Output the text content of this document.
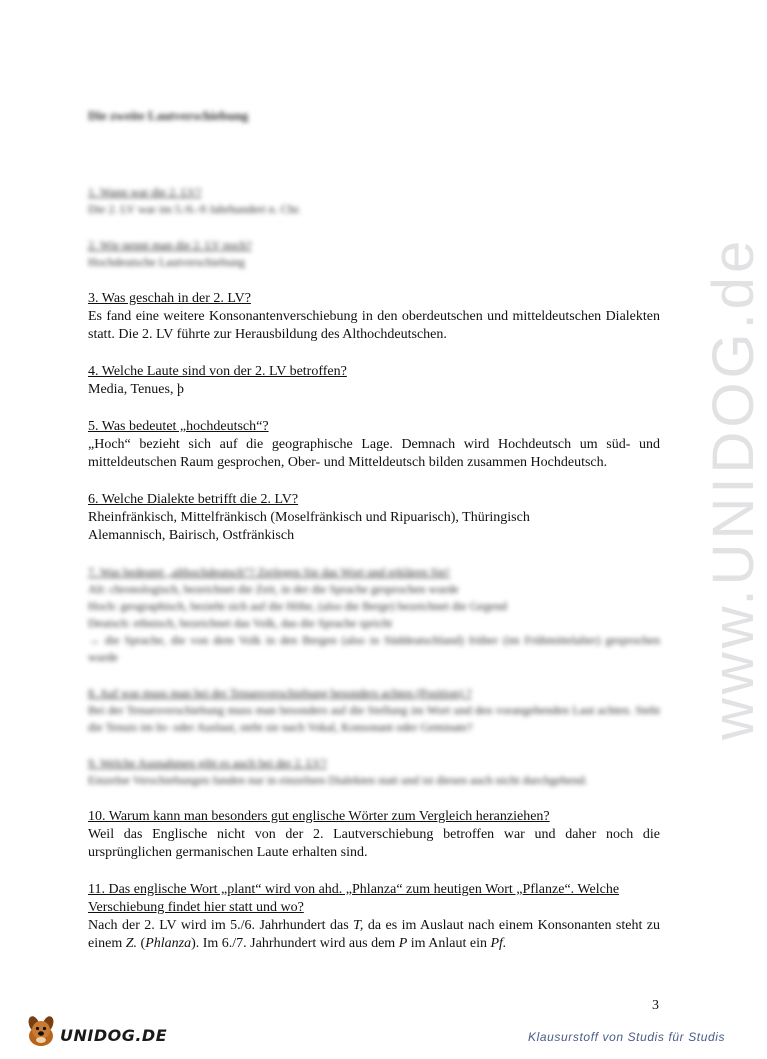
www.UNIDOG.de
Die zweite Lautverschiebung
1. Wann war die 2. LV?
Die 2. LV war im 5./6.-9 Jahrhundert n. Chr.
2. Wie nennt man die 2. LV noch?
Hochdeutsche Lautverschiebung
3. Was geschah in der 2. LV?
Es fand eine weitere Konsonantenverschiebung in den oberdeutschen und mitteldeutschen Dialekten statt. Die 2. LV führte zur Herausbildung des Althochdeutschen.
4. Welche Laute sind von der 2. LV betroffen?
Media, Tenues, þ
5. Was bedeutet „hochdeutsch“?
„Hoch“ bezieht sich auf die geographische Lage. Demnach wird Hochdeutsch um süd- und mitteldeutschen Raum gesprochen, Ober- und Mitteldeutsch bilden zusammen Hochdeutsch.
6. Welche Dialekte betrifft die 2. LV?
Rheinfränkisch, Mittelfränkisch (Moselfränkisch und Ripuarisch), Thüringisch
Alemannisch, Bairisch, Ostfränkisch
7. Was bedeutet „althochdeutsch“? Zerlegen Sie das Wort und erklären Sie!
Alt: chronologisch, bezeichnet die Zeit, in der die Sprache gesprochen wurde
Hoch: geographisch, bezieht sich auf die Höhe, (also die Berge) bezeichnet die Gegend
Deutsch: ethnisch, bezeichnet das Volk, das die Sprache spricht
→ die Sprache, die von dem Volk in den Bergen (also in Süddeutschland) früher (im Frühmittelalter) gesprochen wurde
8. Auf was muss man bei der Tenuesverschiebung besonders achten (Position) ?
Bei der Tenuesverschiebung muss man besonders auf die Stellung im Wort und den vorangehenden Laut achten. Steht die Tenuis im In- oder Auslaut, steht sie nach Vokal, Konsonant oder Geminate?
9. Welche Ausnahmen gibt es auch bei der 2. LV?
Einzelne Verschiebungen fanden nur in einzelnen Dialekten statt und ist diesen auch nicht durchgehend.
10. Warum kann man besonders gut englische Wörter zum Vergleich heranziehen?
Weil das Englische nicht von der 2. Lautverschiebung betroffen war und daher noch die ursprünglichen germanischen Laute erhalten sind.
11. Das englische Wort „plant“ wird von ahd. „Phlanza“ zum heutigen Wort „Pflanze“. Welche Verschiebung findet hier statt und wo?
Nach der 2. LV wird im 5./6. Jahrhundert das T, da es im Auslaut nach einem Konsonanten steht zu einem Z. (Phlanza). Im 6./7. Jahrhundert wird aus dem P im Anlaut ein Pf.
3
UNIDOG.DE	Klausurstoff von Studis für Studis
